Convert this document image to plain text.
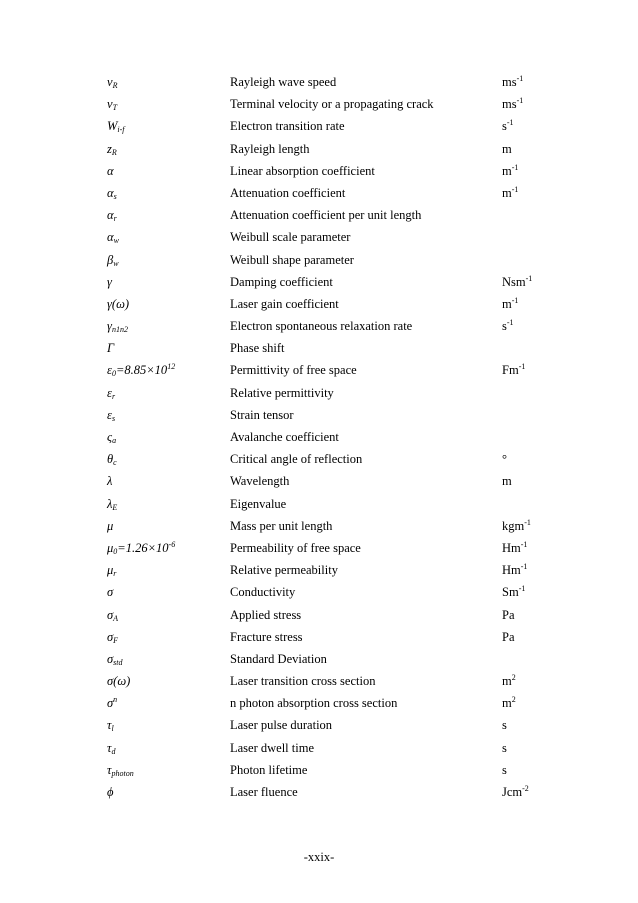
$v_R$	Rayleigh wave speed	$ms^{-1}$
$v_T$	Terminal velocity or a propagating crack	$ms^{-1}$
$W_{i-f}$	Electron transition rate	$s^{-1}$
$z_R$	Rayleigh length	m
α	Linear absorption coefficient	$m^{-1}$
$\alpha_s$	Attenuation coefficient	$m^{-1}$
$\alpha_r$	Attenuation coefficient per unit length
$\alpha_w$	Weibull scale parameter
$\beta_w$	Weibull shape parameter
γ	Damping coefficient	Nsm$^{-1}$
γ(ω)	Laser gain coefficient	$m^{-1}$
$\gamma_{n1n2}$	Electron spontaneous relaxation rate	$s^{-1}$
Γ	Phase shift
$\varepsilon_0=8.85\times 10^{12}$	Permittivity of free space	$Fm^{-1}$
$\varepsilon_r$	Relative permittivity
$\varepsilon_s$	Strain tensor
$\varsigma_a$	Avalanche coefficient
$\theta_c$	Critical angle of reflection	°
λ	Wavelength	m
$\lambda_E$	Eigenvalue
μ	Mass per unit length	kgm$^{-1}$
$\mu_0=1.26\times 10^{-6}$	Permeability of free space	$Hm^{-1}$
$\mu_r$	Relative permeability	$Hm^{-1}$
σ	Conductivity	$Sm^{-1}$
$\sigma_A$	Applied stress	Pa
$\sigma_F$	Fracture stress	Pa
$\sigma_{std}$	Standard Deviation
σ(ω)	Laser transition cross section	$m^2$
$\sigma^n$	n photon absorption cross section	$m^2$
$\tau_l$	Laser pulse duration	s
$\tau_d$	Laser dwell time	s
$\tau_{photon}$	Photon lifetime	s
ϕ	Laser fluence	Jcm$^{-2}$
-xxix-
